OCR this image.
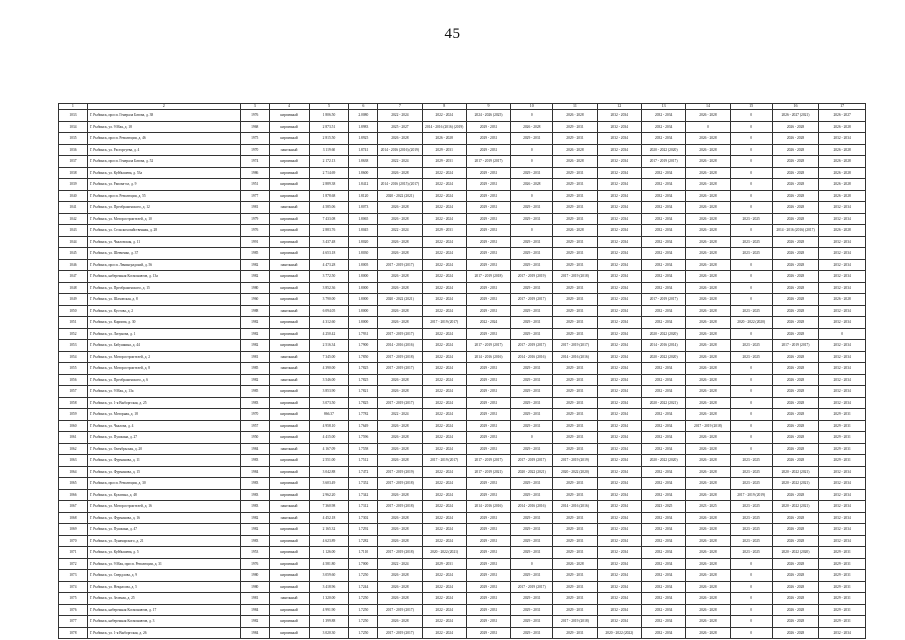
45
1	2	3	4	5	6	7	8	9	10	11	12	13	14	15	16	17
1033	Г. Рыбинск, просп. Генерала Батова, д. 38	1976	кирпичный	1 806.50	2.0080	2022 - 2024	2022 - 2024	2024 - 2026 (2025)	0	2026 - 2028	2032 - 2034	2032 - 2034	2026 - 2028	0	2026 - 2027 (2021)	2026 - 2027
1034	Г. Рыбинск, ул. 9 Мая, д. 18	1968	кирпичный	2 873.51	1.8983	2025 - 2027	2014 - 2016 (2016) (2019)	2029 - 2031	2026 - 2028	2029 - 2031	2032 - 2034	2032 - 2034	0	0	2026 - 2028	2026 - 2028
1035	Г. Рыбинск, просп. Революции, д. 46	1975	кирпичный	2 815.50	1.8925	2026 - 2028	2026 - 2028	2029 - 2031	2029 - 2031	2029 - 2031	2032 - 2034	2032 - 2034	2026 - 2028	0	2026 - 2028	2032 - 2034
1036	Г. Рыбинск, ул. Расторгуева, д. 4	1970	панельный	3 119.60	1.8741	2014 - 2016 (2016) (2019)	2029 - 2031	2029 - 2031	0	2026 - 2028	2032 - 2034	2020 - 2022 (2020)	2026 - 2028	0	2026 - 2028	2026 - 2028
1037	Г. Рыбинск, просп. Генерала Батова, д. 52	1974	кирпичный	2 172.13	1.8638	2022 - 2024	2029 - 2031	2017 - 2019 (2017)	0	2026 - 2028	2032 - 2034	2017 - 2019 (2017)	2026 - 2028	0	2026 - 2028	2026 - 2028
1038	Г. Рыбинск, ул. Куйбышева, д. 53а	1986	кирпичный	2 714.69	1.8600	2026 - 2028	2022 - 2024	2029 - 2031	2029 - 2031	2029 - 2031	2032 - 2034	2032 - 2034	2026 - 2028	0	2026 - 2028	2026 - 2028
1039	Г. Рыбинск, ул. Рапова-пл, д. 9	1951	кирпичный	2 889.38	1.8412	2014 - 2016 (2015) (2017)	2022 - 2024	2029 - 2031	2026 - 2028	2029 - 2031	2032 - 2034	2032 - 2034	2026 - 2028	0	2026 - 2028	2026 - 2028
1040	Г. Рыбинск, просп. Революции, д. 55	1977	кирпичный	1 878.68	1.8120	2020 - 2022 (2021)	2022 - 2024	2029 - 2031	0	2029 - 2031	2032 - 2034	2032 - 2034	2026 - 2028	0	2026 - 2028	2026 - 2028
1041	Г. Рыбинск, ул. Преображенского, д. 12	1981	панельный	4 585.06	1.8073	2026 - 2028	2022 - 2024	2029 - 2031	2029 - 2031	2029 - 2031	2032 - 2034	2032 - 2034	2026 - 2028	0	2026 - 2028	2032 - 2034
1042	Г. Рыбинск, ул. Моторостроителей, д. 10	1979	кирпичный	7 433.08	1.8065	2026 - 2028	2022 - 2024	2029 - 2031	2029 - 2031	2029 - 2031	2032 - 2034	2032 - 2034	2026 - 2028	2023 - 2025	2026 - 2028	2032 - 2034
1043	Г. Рыбинск, ул. Сельскохозяйственная, д. 28	1976	кирпичный	2 883.76	1.8045	2022 - 2024	2029 - 2031	2029 - 2031	0	2026 - 2028	2032 - 2034	2032 - 2034	2026 - 2028	0	2014 - 2016 (2016) (2017)	2026 - 2028
1044	Г. Рыбинск, ул. Чкаловская, д. 11	1991	кирпичный	3 437.48	1.8020	2026 - 2028	2022 - 2024	2029 - 2031	2029 - 2031	2029 - 2031	2032 - 2034	2032 - 2034	2026 - 2028	2023 - 2025	2026 - 2028	2032 - 2034
1045	Г. Рыбинск, ул. Шевченко, д. 37	1985	кирпичный	4 653.18	1.8030	2026 - 2028	2022 - 2024	2029 - 2031	2029 - 2031	2029 - 2031	2032 - 2034	2032 - 2034	2026 - 2028	2023 - 2025	2026 - 2028	2032 - 2034
1046	Г. Рыбинск, просп. Ленинградский, д. 56	1982	панельный	4 473.28	1.8005	2017 - 2019 (2017)	2022 - 2024	2029 - 2031	2029 - 2031	2029 - 2031	2032 - 2034	2032 - 2034	2026 - 2028	0	2026 - 2028	2032 - 2034
1047	Г. Рыбинск, набережная Космонавтов, д. 13а	1982	кирпичный	3 772.50	1.8000	2026 - 2028	2022 - 2024	2017 - 2019 (2018)	2017 - 2019 (2019)	2017 - 2019 (2018)	2032 - 2034	2032 - 2034	2026 - 2028	0	2026 - 2028	2032 - 2034
1048	Г. Рыбинск, ул. Преображенского, д. 15	1980	кирпичный	3 852.36	1.8000	2026 - 2028	2022 - 2024	2029 - 2031	2029 - 2031	2029 - 2031	2032 - 2034	2032 - 2034	2026 - 2028	0	2026 - 2028	2032 - 2034
1049	Г. Рыбинск, ул. Шаховская, д. 8	1960	кирпичный	3 790.00	1.8000	2020 - 2022 (2021)	2022 - 2024	2029 - 2031	2017 - 2019 (2017)	2029 - 2031	2032 - 2034	2017 - 2019 (2017)	2026 - 2028	0	2026 - 2028	2026 - 2028
1050	Г. Рыбинск, ул. Кустова, д. 2	1988	панельный	6 094.05	1.8000	2026 - 2028	2022 - 2024	2029 - 2031	2029 - 2031	2029 - 2031	2032 - 2034	2032 - 2034	2026 - 2028	2023 - 2025	2026 - 2028	2032 - 2034
1051	Г. Рыбинск, ул. Карпова, д. 30	1982	кирпичный	4 312.60	1.8000	2026 - 2028	2017 - 2019 (2017)	2022 - 2024	2029 - 2031	2029 - 2031	2032 - 2034	2032 - 2034	2026 - 2028	2020 - 2022 (2020)	2026 - 2028	2032 - 2034
1052	Г. Рыбинск, ул. Лизунова, д. 1	1982	кирпичный	4 250.42	1.7931	2017 - 2019 (2017)	2022 - 2024	2029 - 2031	2029 - 2031	2029 - 2031	2032 - 2034	2020 - 2022 (2020)	2026 - 2028	0	2026 - 2028	0
1053	Г. Рыбинск, ул. Бабушкина, д. 44	1982	кирпичный	2 516.34	1.7900	2014 - 2016 (2016)	2022 - 2024	2017 - 2019 (2017)	2017 - 2019 (2017)	2017 - 2019 (2017)	2032 - 2034	2014 - 2016 (2014)	2026 - 2028	2023 - 2025	2017 - 2019 (2017)	2032 - 2034
1054	Г. Рыбинск, ул. Моторостроителей, д. 2	1981	панельный	7 345.00	1.7850	2017 - 2019 (2018)	2022 - 2024	2014 - 2016 (2016)	2014 - 2016 (2016)	2014 - 2016 (2016)	2032 - 2034	2020 - 2022 (2020)	2026 - 2028	2023 - 2025	2026 - 2028	2032 - 2034
1055	Г. Рыбинск, ул. Моторостроителей, д. 8	1985	панельный	4 390.00	1.7825	2017 - 2019 (2017)	2022 - 2024	2029 - 2031	2029 - 2031	2029 - 2031	2032 - 2034	2032 - 2034	2026 - 2028	0	2026 - 2028	2032 - 2034
1056	Г. Рыбинск, ул. Преображенского, д. 6	1982	панельный	3 546.00	1.7825	2026 - 2028	2022 - 2024	2029 - 2031	2029 - 2031	2029 - 2031	2032 - 2034	2032 - 2034	2026 - 2028	0	2026 - 2028	2032 - 2034
1057	Г. Рыбинск, ул. 9 Мая, д. 13а	1985	кирпичный	3 853.90	1.7821	2026 - 2028	2022 - 2024	2029 - 2031	2029 - 2031	2029 - 2031	2032 - 2034	2032 - 2034	2026 - 2028	0	2026 - 2028	2032 - 2034
1058	Г. Рыбинск, ул. 1-я Выборгская, д. 25	1983	кирпичный	3 073.50	1.7825	2017 - 2019 (2017)	2022 - 2024	2029 - 2031	2029 - 2031	2029 - 2031	2032 - 2034	2020 - 2022 (2021)	2026 - 2028	0	2026 - 2028	2032 - 2034
1059	Г. Рыбинск, ул. Моторная, д. 18	1970	кирпичный	866.37	1.7782	2022 - 2024	2022 - 2024	2029 - 2031	2029 - 2031	2029 - 2031	2032 - 2034	2032 - 2034	2026 - 2028	0	2026 - 2028	2029 - 2031
1060	Г. Рыбинск, ул. Чкалова, д. 4	1957	кирпичный	4 958.10	1.7649	2026 - 2028	2022 - 2024	2029 - 2031	2029 - 2031	2029 - 2031	2032 - 2034	2032 - 2034	2017 - 2019 (2018)	0	2026 - 2028	2029 - 2031
1061	Г. Рыбинск, ул. Пушкина, д. 27	1950	кирпичный	4 415.00	1.7596	2026 - 2028	2022 - 2024	2029 - 2031	0	2029 - 2031	2032 - 2034	2032 - 2034	2026 - 2028	0	2026 - 2028	2029 - 2031
1062	Г. Рыбинск, ул. Октябрьская, д. 20	1984	панельный	4 167.09	1.7558	2026 - 2028	2022 - 2024	2029 - 2031	2029 - 2031	2029 - 2031	2032 - 2034	2032 - 2034	2026 - 2028	0	2026 - 2028	2029 - 2031
1063	Г. Рыбинск, ул. Фурманова, д. 11	1983	кирпичный	2 551.00	1.7512	2026 - 2028	2017 - 2019 (2017)	2017 - 2019 (2017)	2017 - 2019 (2017)	2017 - 2019 (2019)	2032 - 2034	2020 - 2022 (2020)	2026 - 2028	2023 - 2025	2026 - 2028	2029 - 2031
1064	Г. Рыбинск, ул. Фурманова, д. 15	1984	кирпичный	3 042.88	1.7472	2017 - 2019 (2019)	2022 - 2024	2017 - 2019 (2021)	2020 - 2022 (2021)	2020 - 2022 (2020)	2032 - 2034	2032 - 2034	2026 - 2028	2023 - 2025	2020 - 2022 (2021)	2032 - 2034
1065	Г. Рыбинск, просп. Революции, д. 30	1983	кирпичный	3 603.49	1.7352	2017 - 2019 (2018)	2022 - 2024	2029 - 2031	2029 - 2031	2029 - 2031	2032 - 2034	2032 - 2034	2026 - 2028	2023 - 2025	2020 - 2022 (2021)	2032 - 2034
1066	Г. Рыбинск, ул. Кулагина, д. 48	1983	кирпичный	2 962.20	1.7342	2026 - 2028	2022 - 2024	2029 - 2031	2029 - 2031	2029 - 2031	2032 - 2034	2032 - 2034	2026 - 2028	2017 - 2019 (2019)	2026 - 2028	2032 - 2034
1067	Г. Рыбинск, ул. Моторостроителей, д. 16	1983	панельный	7 360.98	1.7312	2017 - 2019 (2018)	2022 - 2024	2014 - 2016 (2016)	2014 - 2016 (2016)	2014 - 2016 (2016)	2032 - 2034	2023 - 2025	2023 - 2025	2023 - 2025	2020 - 2022 (2021)	2032 - 2034
1068	Г. Рыбинск, ул. Фурманова, д. 16	1982	панельный	4 452.18	1.7302	2026 - 2028	2022 - 2024	2029 - 2031	2029 - 2031	2029 - 2031	2032 - 2034	2032 - 2034	2026 - 2028	2023 - 2025	2026 - 2028	2032 - 2034
1069	Г. Рыбинск, ул. Пушкина, д. 47	1982	кирпичный	2 165.32	1.7292	2026 - 2028	2022 - 2024	2029 - 2031	2029 - 2031	2029 - 2031	2032 - 2034	2032 - 2034	2026 - 2028	2023 - 2025	2026 - 2028	2032 - 2034
1070	Г. Рыбинск, ул. Луначарского, д. 21	1983	кирпичный	4 623.89	1.7282	2026 - 2028	2022 - 2024	2029 - 2031	2029 - 2031	2029 - 2031	2032 - 2034	2032 - 2034	2026 - 2028	2023 - 2025	2026 - 2028	2032 - 2034
1071	Г. Рыбинск, ул. Куйбышева, д. 5	1953	кирпичный	1 126.00	1.7110	2017 - 2019 (2018)	2020 - 2022 (2021)	2029 - 2031	2029 - 2031	2029 - 2031	2032 - 2034	2032 - 2034	2026 - 2028	2023 - 2025	2020 - 2022 (2020)	2029 - 2031
1072	Г. Рыбинск, ул. 9 Мая, просп. Революции, д. 31	1976	кирпичный	4 581.80	1.7000	2022 - 2024	2029 - 2031	2029 - 2031	0	2026 - 2028	2032 - 2034	2032 - 2034	2026 - 2028	0	2026 - 2028	2029 - 2031
1073	Г. Рыбинск, ул. Свердлова, д. 9	1980	кирпичный	3 059.60	1.7250	2026 - 2028	2022 - 2024	2029 - 2031	2029 - 2031	2029 - 2031	2032 - 2034	2032 - 2034	2026 - 2028	0	2026 - 2028	2029 - 2031
1074	Г. Рыбинск, ул. Некрасова, д. 5	1980	кирпичный	3 418.96	1.7244	2026 - 2028	2022 - 2024	2029 - 2031	2017 - 2019 (2017)	2029 - 2031	2032 - 2034	2032 - 2034	2026 - 2028	0	2026 - 2028	2029 - 2031
1075	Г. Рыбинск, ул. Зеленая, д. 25	1981	панельный	1 320.00	1.7250	2026 - 2028	2022 - 2024	2029 - 2031	2029 - 2031	2029 - 2031	2032 - 2034	2032 - 2034	2026 - 2028	0	2026 - 2028	2029 - 2031
1076	Г. Рыбинск, набережная Космонавтов, д. 17	1984	кирпичный	4 991.90	1.7250	2017 - 2019 (2017)	2022 - 2024	2029 - 2031	2029 - 2031	2029 - 2031	2032 - 2034	2032 - 2034	2026 - 2028	0	2026 - 2028	2029 - 2031
1077	Г. Рыбинск, набережная Космонавтов, д. 3	1982	кирпичный	1 399.88	1.7250	2026 - 2028	2022 - 2024	2029 - 2031	2029 - 2031	2017 - 2019 (2018)	2032 - 2034	2032 - 2034	2026 - 2028	0	2026 - 2028	2029 - 2031
1078	Г. Рыбинск, ул. 1-я Выборгская, д. 26	1984	кирпичный	3 020.30	1.7250	2017 - 2019 (2017)	2022 - 2024	2029 - 2031	2029 - 2031	2029 - 2031	2020 - 2022 (2022)	2032 - 2034	2026 - 2028	0	2026 - 2028	2032 - 2034
